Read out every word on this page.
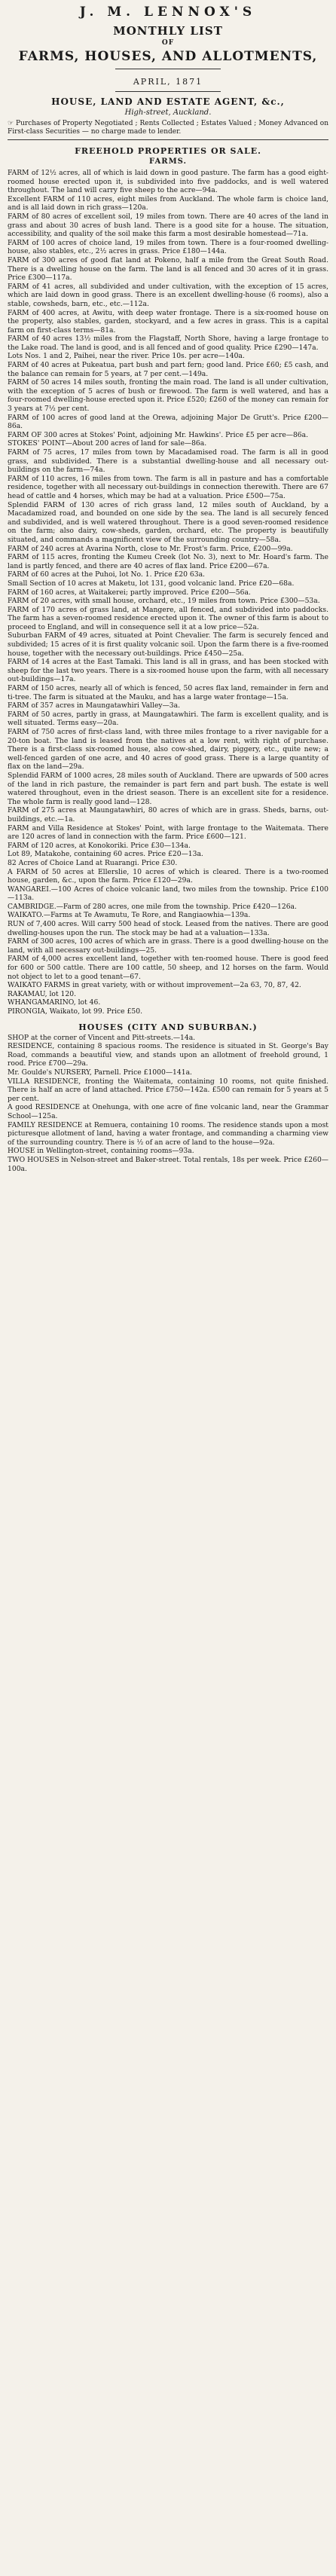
J. M. LENNOX'S
MONTHLY LIST
OF
FARMS, HOUSES, AND ALLOTMENTS,
APRIL, 1871
HOUSE, LAND AND ESTATE AGENT, &c.,
High-street, Auckland.

☞ Purchases of Property Negotiated ; Rents Collected ; Estates Valued ; Money Advanced on First-class Securities — no charge made to lender.

FREEHOLD PROPERTIES OR SALE.
FARMS.

FARM of 12½ acres, all of which is laid down in good pasture. The farm has a good eight-roomed house erected upon it, is subdivided into five paddocks, and is well watered throughout. The land will carry five sheep to the acre—94a.

Excellent FARM of 110 acres, eight miles from Auckland. The whole farm is choice land, and is all laid down in rich grass—120a.

FARM of 80 acres of excellent soil, 19 miles from town. There are 40 acres of the land in grass and about 30 acres of bush land. There is a good site for a house. The situation, accessibility, and quality of the soil make this farm a most desirable homestead—71a.

FARM of 100 acres of choice land, 19 miles from town. There is a four-roomed dwelling-house, also stables, etc., 2½ acres in grass. Price £180—144a.

FARM of 300 acres of good flat land at Pokeno, half a mile from the Great South Road. There is a dwelling house on the farm. The land is all fenced and 30 acres of it in grass. Price £300—117a.

FARM of 41 acres, all subdivided and under cultivation, with the exception of 15 acres, which are laid down in good grass. There is an excellent dwelling-house (6 rooms), also a stable, cowsheds, barn, etc., etc.—112a.

FARM of 400 acres, at Awitu, with deep water frontage. There is a six-roomed house on the property, also stables, garden, stockyard, and a few acres in grass. This is a capital farm on first-class terms—81a.

FARM of 40 acres 13½ miles from the Flagstaff, North Shore, having a large frontage to the Lake road. The land is good, and is all fenced and of good quality. Price £290—147a.

Lots Nos. 1 and 2, Paihei, near the river. Price 10s. per acre—140a.

FARM of 40 acres at Pukeatua, part bush and part fern; good land. Price £60; £5 cash, and the balance can remain for 5 years, at 7 per cent.—149a.

FARM of 50 acres 14 miles south, fronting the main road. The land is all under cultivation, with the exception of 5 acres of bush or firewood. The farm is well watered, and has a four-roomed dwelling-house erected upon it. Price £520; £260 of the money can remain for 3 years at 7½ per cent.

FARM of 100 acres of good land at the Orewa, adjoining Major De Grutt's. Price £200—86a.

FARM OF 300 acres at Stokes' Point, adjoining Mr. Hawkins'. Price £5 per acre—86a.

STOKES' POINT—About 200 acres of land for sale—86a.

FARM of 75 acres, 17 miles from town by Macadamised road. The farm is all in good grass, and subdivided. There is a substantial dwelling-house and all necessary out-buildings on the farm—74a.

FARM of 110 acres, 16 miles from town. The farm is all in pasture and has a comfortable residence, together with all necessary out-buildings in connection therewith. There are 67 head of cattle and 4 horses, which may be had at a valuation. Price £500—75a.

Splendid FARM of 130 acres of rich grass land, 12 miles south of Auckland, by a Macadamized road, and bounded on one side by the sea. The land is all securely fenced and subdivided, and is well watered throughout. There is a good seven-roomed residence on the farm; also dairy, cow-sheds, garden, orchard, etc. The property is beautifully situated, and commands a magnificent view of the surrounding country—58a.

FARM of 240 acres at Avarina North, close to Mr. Frost's farm. Price, £200—99a.

FARM of 115 acres, fronting the Kumeu Creek (lot No. 3), next to Mr. Hoard's farm. The land is partly fenced, and there are 40 acres of flax land. Price £200—67a.

FARM of 60 acres at the Puhoi, lot No. 1. Price £20 63a.

Small Section of 10 acres at Maketu, lot 131, good volcanic land. Price £20—68a.

FARM of 160 acres, at Waitakerei; partly improved. Price £200—56a.

FARM of 20 acres, with small house, orchard, etc., 19 miles from town. Price £300—53a.

FARM of 170 acres of grass land, at Mangere, all fenced, and subdivided into paddocks. The farm has a seven-roomed residence erected upon it. The owner of this farm is about to proceed to England, and will in consequence sell it at a low price—52a.

Suburban FARM of 49 acres, situated at Point Chevalier. The farm is securely fenced and subdivided; 15 acres of it is first quality volcanic soil. Upon the farm there is a five-roomed house, together with the necessary out-buildings. Price £450—25a.

FARM of 14 acres at the East Tamaki. This land is all in grass, and has been stocked with sheep for the last two years. There is a six-roomed house upon the farm, with all necessary out-buildings—17a.

FARM of 150 acres, nearly all of which is fenced, 50 acres flax land, remainder in fern and ti-tree. The farm is situated at the Mauku, and has a large water frontage—15a.

FARM of 357 acres in Maungatawhiri Valley—3a.

FARM of 50 acres, partly in grass, at Maungatawhiri. The farm is excellent quality, and is well situated. Terms easy—20a.

FARM of 750 acres of first-class land, with three miles frontage to a river navigable for a 20-ton boat. The land is leased from the natives at a low rent, with right of purchase. There is a first-class six-roomed house, also cow-shed, dairy, piggery, etc., quite new; a well-fenced garden of one acre, and 40 acres of good grass. There is a large quantity of flax on the land—29a.

Splendid FARM of 1000 acres, 28 miles south of Auckland. There are upwards of 500 acres of the land in rich pasture, the remainder is part fern and part bush. The estate is well watered throughout, even in the driest season. There is an excellent site for a residence. The whole farm is really good land—128.

FARM of 275 acres at Maungatawhiri, 80 acres of which are in grass. Sheds, barns, out-buildings, etc.—1a.

FARM and Villa Residence at Stokes' Point, with large frontage to the Waitemata. There are 120 acres of land in connection with the farm. Price £600—121.

FARM of 120 acres, at Konokoriki. Price £30—134a.

Lot 89, Matakohe, containing 60 acres. Price £20—13a.

82 Acres of Choice Land at Ruarangi. Price £30.

A FARM of 50 acres at Ellerslie, 10 acres of which is cleared. There is a two-roomed house, garden, &c., upon the farm. Price £120—29a.

WANGAREI.—100 Acres of choice volcanic land, two miles from the township. Price £100—113a.

CAMBRIDGE.—Farm of 280 acres, one mile from the township. Price £420—126a.

WAIKATO.—Farms at Te Awamutu, Te Rore, and Rangiaowhia—139a.

RUN of 7,400 acres. Will carry 500 head of stock. Leased from the natives. There are good dwelling-houses upon the run. The stock may be had at a valuation—133a.

FARM of 300 acres, 100 acres of which are in grass. There is a good dwelling-house on the land, with all necessary out-buildings—25.

FARM of 4,000 acres excellent land, together with ten-roomed house. There is good feed for 600 or 500 cattle. There are 100 cattle, 50 sheep, and 12 horses on the farm. Would not object to let to a good tenant—67.

WAIKATO FARMS in great variety, with or without improvement—2a 63, 70, 87, 42.

RAKAMAU, lot 120.

WHANGAMARINO, lot 46.

PIRONGIA, Waikato, lot 99. Price £50.

HOUSES (CITY AND SUBURBAN.)

SHOP at the corner of Vincent and Pitt-streets.—14a.

RESIDENCE, containing 8 spacious rooms. The residence is situated in St. George's Bay Road, commands a beautiful view, and stands upon an allotment of freehold ground, 1 rood. Price £700—29a.

Mr. Goulde's NURSERY, Parnell. Price £1000—141a.

VILLA RESIDENCE, fronting the Waitemata, containing 10 rooms, not quite finished. There is half an acre of land attached. Price £750—142a. £500 can remain for 5 years at 5 per cent.

A good RESIDENCE at Onehunga, with one acre of fine volcanic land, near the Grammar School—125a.

FAMILY RESIDENCE at Remuera, containing 10 rooms. The residence stands upon a most picturesque allotment of land, having a water frontage, and commanding a charming view of the surrounding country. There is ½ of an acre of land to the house—92a.

HOUSE in Wellington-street, containing rooms—93a.

TWO HOUSES in Nelson-street and Baker-street. Total rentals, 18s per week. Price £260—100a.
